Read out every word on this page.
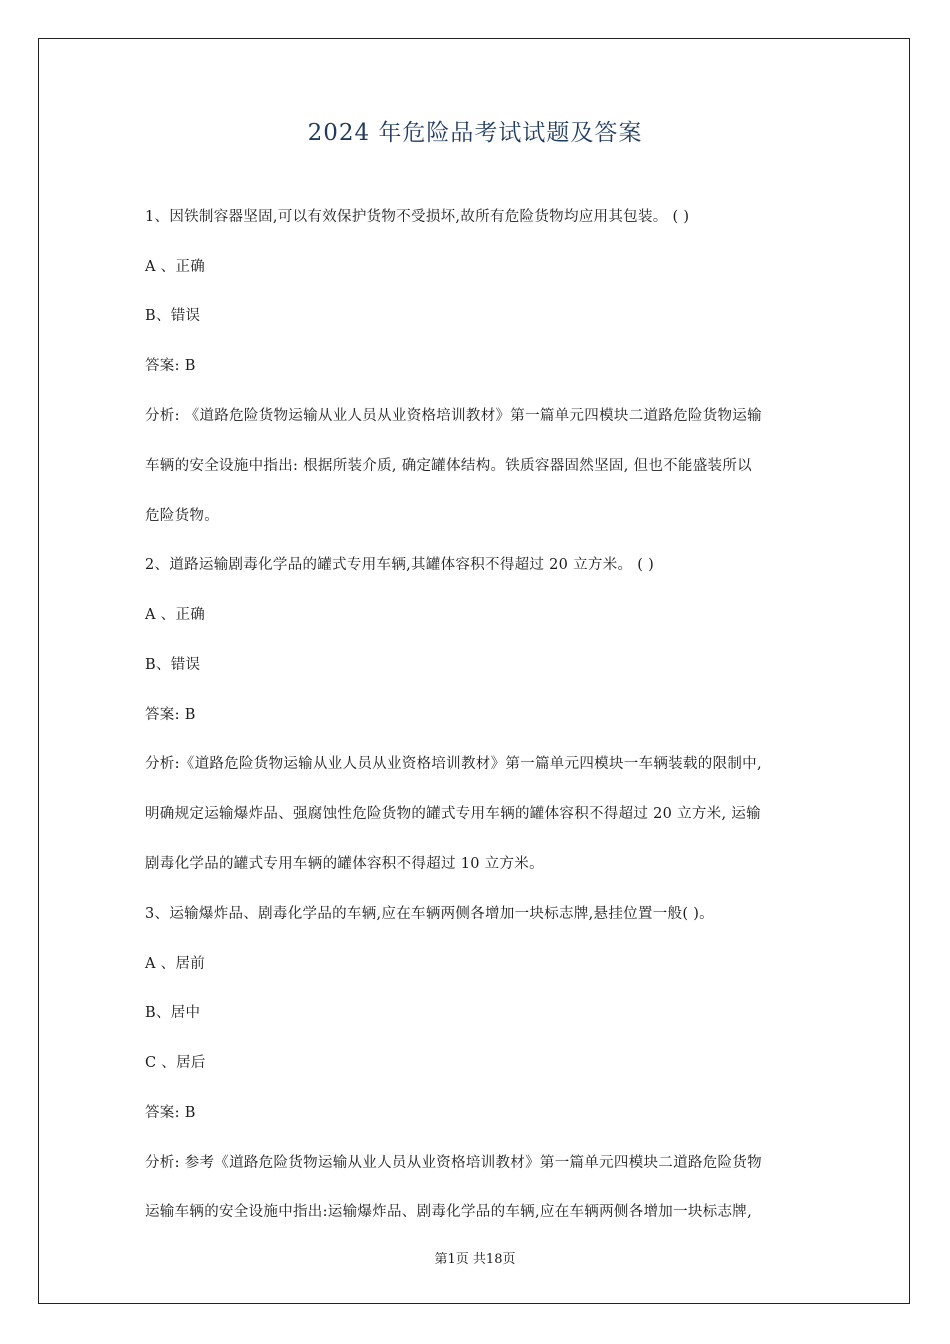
2024 年危险品考试试题及答案
1、因铁制容器坚固,可以有效保护货物不受损坏,故所有危险货物均应用其包装。 ( )
A 、正确
B、错误
答案: B
分析: 《道路危险货物运输从业人员从业资格培训教材》第一篇单元四模块二道路危险货物运输
车辆的安全设施中指出: 根据所装介质, 确定罐体结构。铁质容器固然坚固, 但也不能盛装所以
危险货物。
2、道路运输剧毒化学品的罐式专用车辆,其罐体容积不得超过 20 立方米。 ( )
A 、正确
B、错误
答案: B
分析:《道路危险货物运输从业人员从业资格培训教材》第一篇单元四模块一车辆装载的限制中,
明确规定运输爆炸品、强腐蚀性危险货物的罐式专用车辆的罐体容积不得超过 20 立方米, 运输
剧毒化学品的罐式专用车辆的罐体容积不得超过 10 立方米。
3、运输爆炸品、剧毒化学品的车辆,应在车辆两侧各增加一块标志牌,悬挂位置一般( )。
A 、居前
B、居中
C 、居后
答案: B
分析: 参考《道路危险货物运输从业人员从业资格培训教材》第一篇单元四模块二道路危险货物
运输车辆的安全设施中指出:运输爆炸品、剧毒化学品的车辆,应在车辆两侧各增加一块标志牌,
第1页 共18页
